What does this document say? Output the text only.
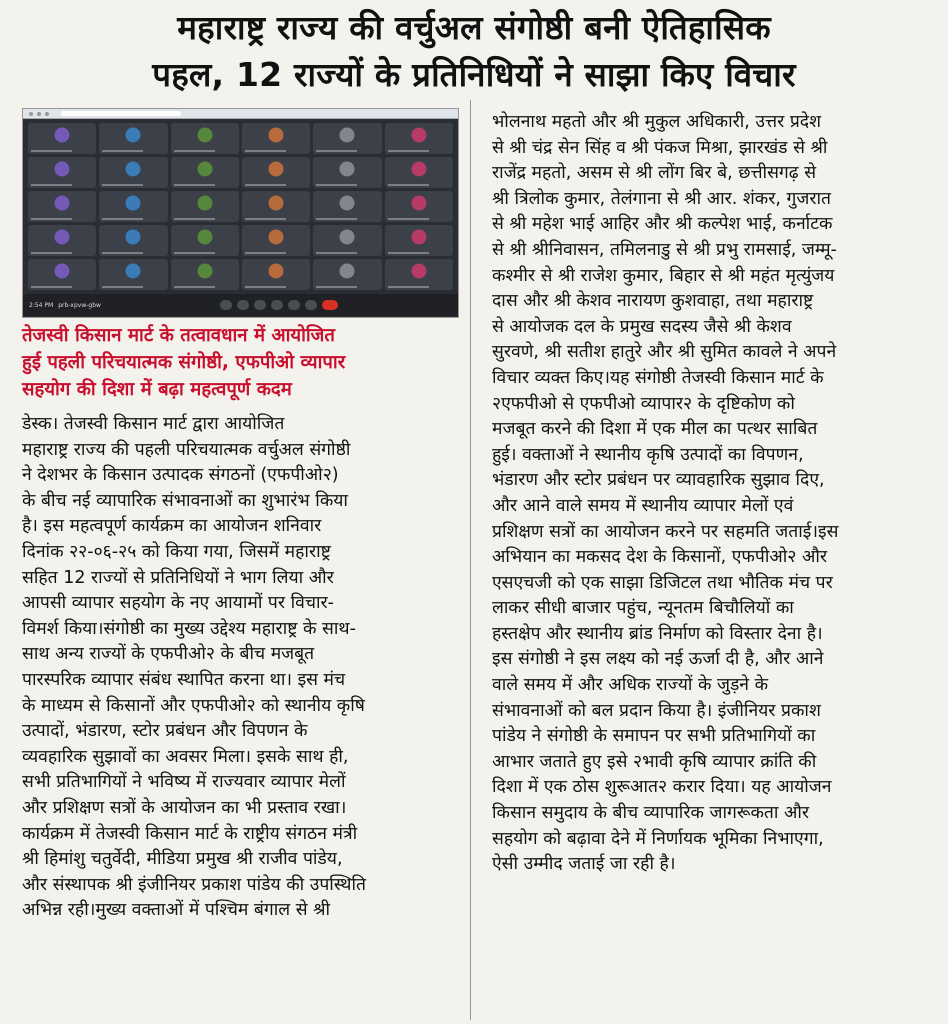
महाराष्ट्र राज्य की वर्चुअल संगोष्ठी बनी ऐतिहासिक
पहल, 12 राज्यों के प्रतिनिधियों ने साझा किए विचार
2:54 PM prb-xpvw-gbw
तेजस्वी किसान मार्ट के तत्वावधान में आयोजित
हुई पहली परिचयात्मक संगोष्ठी, एफपीओ व्यापार
सहयोग की दिशा में बढ़ा महत्वपूर्ण कदम
डेस्क। तेजस्वी किसान मार्ट द्वारा आयोजित
महाराष्ट्र राज्य की पहली परिचयात्मक वर्चुअल संगोष्ठी
ने देशभर के किसान उत्पादक संगठनों (एफपीओ२)
के बीच नई व्यापारिक संभावनाओं का शुभारंभ किया
है। इस महत्वपूर्ण कार्यक्रम का आयोजन शनिवार
दिनांक २२-०६-२५ को किया गया, जिसमें महाराष्ट्र
सहित 12 राज्यों से प्रतिनिधियों ने भाग लिया और
आपसी व्यापार सहयोग के नए आयामों पर विचार-
विमर्श किया।संगोष्ठी का मुख्य उद्देश्य महाराष्ट्र के साथ-
साथ अन्य राज्यों के एफपीओ२ के बीच मजबूत
पारस्परिक व्यापार संबंध स्थापित करना था। इस मंच
के माध्यम से किसानों और एफपीओ२ को स्थानीय कृषि
उत्पादों, भंडारण, स्टोर प्रबंधन और विपणन के
व्यवहारिक सुझावों का अवसर मिला। इसके साथ ही,
सभी प्रतिभागियों ने भविष्य में राज्यवार व्यापार मेलों
और प्रशिक्षण सत्रों के आयोजन का भी प्रस्ताव रखा।
कार्यक्रम में तेजस्वी किसान मार्ट के राष्ट्रीय संगठन मंत्री
श्री हिमांशु चतुर्वेदी, मीडिया प्रमुख श्री राजीव पांडेय,
और संस्थापक श्री इंजीनियर प्रकाश पांडेय की उपस्थिति
अभिन्न रही।मुख्य वक्ताओं में पश्चिम बंगाल से श्री
भोलनाथ महतो और श्री मुकुल अधिकारी, उत्तर प्रदेश
से श्री चंद्र सेन सिंह व श्री पंकज मिश्रा, झारखंड से श्री
राजेंद्र महतो, असम से श्री लोंग बिर बे, छत्तीसगढ़ से
श्री त्रिलोक कुमार, तेलंगाना से श्री आर. शंकर, गुजरात
से श्री महेश भाई आहिर और श्री कल्पेश भाई, कर्नाटक
से श्री श्रीनिवासन, तमिलनाडु से श्री प्रभु रामसाई, जम्मू-
कश्मीर से श्री राजेश कुमार, बिहार से श्री महंत मृत्युंजय
दास और श्री केशव नारायण कुशवाहा, तथा महाराष्ट्र
से आयोजक दल के प्रमुख सदस्य जैसे श्री केशव
सुरवणे, श्री सतीश हातुरे और श्री सुमित कावले ने अपने
विचार व्यक्त किए।यह संगोष्ठी तेजस्वी किसान मार्ट के
२एफपीओ से एफपीओ व्यापार२ के दृष्टिकोण को
मजबूत करने की दिशा में एक मील का पत्थर साबित
हुई। वक्ताओं ने स्थानीय कृषि उत्पादों का विपणन,
भंडारण और स्टोर प्रबंधन पर व्यावहारिक सुझाव दिए,
और आने वाले समय में स्थानीय व्यापार मेलों एवं
प्रशिक्षण सत्रों का आयोजन करने पर सहमति जताई।इस
अभियान का मकसद देश के किसानों, एफपीओ२ और
एसएचजी को एक साझा डिजिटल तथा भौतिक मंच पर
लाकर सीधी बाजार पहुंच, न्यूनतम बिचौलियों का
हस्तक्षेप और स्थानीय ब्रांड निर्माण को विस्तार देना है।
इस संगोष्ठी ने इस लक्ष्य को नई ऊर्जा दी है, और आने
वाले समय में और अधिक राज्यों के जुड़ने के
संभावनाओं को बल प्रदान किया है। इंजीनियर प्रकाश
पांडेय ने संगोष्ठी के समापन पर सभी प्रतिभागियों का
आभार जताते हुए इसे २भावी कृषि व्यापार क्रांति की
दिशा में एक ठोस शुरूआत२ करार दिया। यह आयोजन
किसान समुदाय के बीच व्यापारिक जागरूकता और
सहयोग को बढ़ावा देने में निर्णायक भूमिका निभाएगा,
ऐसी उम्मीद जताई जा रही है।
